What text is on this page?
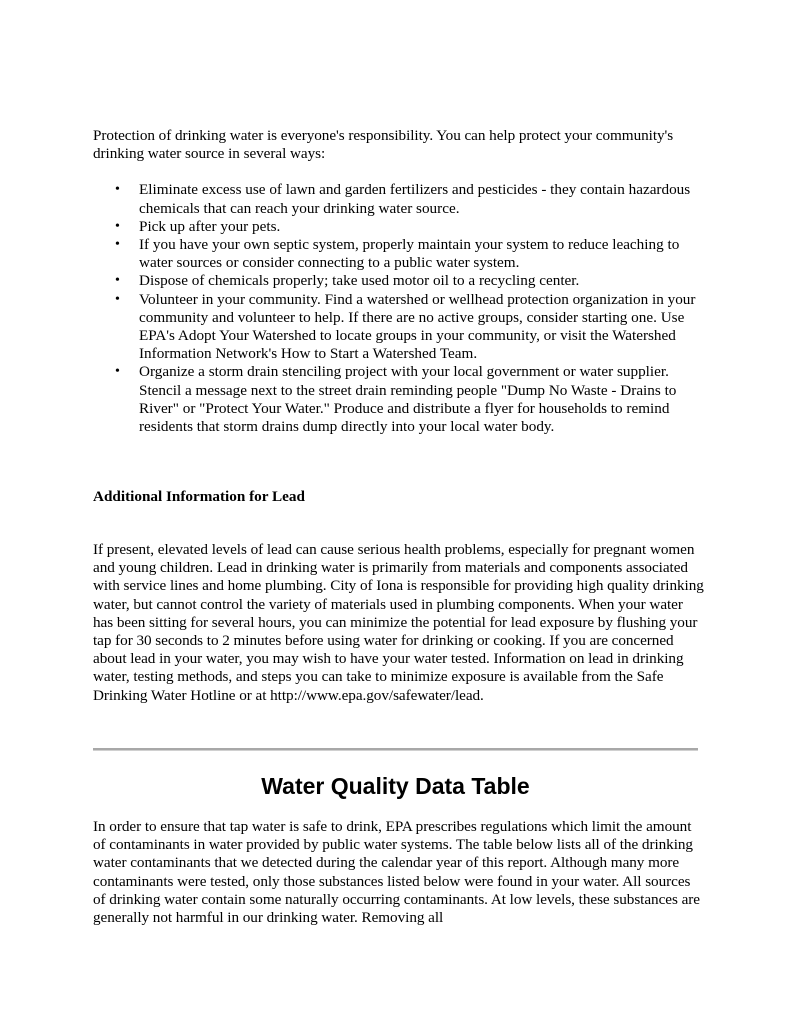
Protection of drinking water is everyone's responsibility. You can help protect your community's drinking water source in several ways:

• Eliminate excess use of lawn and garden fertilizers and pesticides - they contain hazardous chemicals that can reach your drinking water source.
• Pick up after your pets.
• If you have your own septic system, properly maintain your system to reduce leaching to water sources or consider connecting to a public water system.
• Dispose of chemicals properly; take used motor oil to a recycling center.
• Volunteer in your community. Find a watershed or wellhead protection organization in your community and volunteer to help. If there are no active groups, consider starting one. Use EPA's Adopt Your Watershed to locate groups in your community, or visit the Watershed Information Network's How to Start a Watershed Team.
• Organize a storm drain stenciling project with your local government or water supplier. Stencil a message next to the street drain reminding people "Dump No Waste - Drains to River" or "Protect Your Water." Produce and distribute a flyer for households to remind residents that storm drains dump directly into your local water body.
Additional Information for Lead

If present, elevated levels of lead can cause serious health problems, especially for pregnant women and young children. Lead in drinking water is primarily from materials and components associated with service lines and home plumbing. City of Iona is responsible for providing high quality drinking water, but cannot control the variety of materials used in plumbing components. When your water has been sitting for several hours, you can minimize the potential for lead exposure by flushing your tap for 30 seconds to 2 minutes before using water for drinking or cooking. If you are concerned about lead in your water, you may wish to have your water tested. Information on lead in drinking water, testing methods, and steps you can take to minimize exposure is available from the Safe Drinking Water Hotline or at http://www.epa.gov/safewater/lead.

Water Quality Data Table

In order to ensure that tap water is safe to drink, EPA prescribes regulations which limit the amount of contaminants in water provided by public water systems. The table below lists all of the drinking water contaminants that we detected during the calendar year of this report. Although many more contaminants were tested, only those substances listed below were found in your water. All sources of drinking water contain some naturally occurring contaminants. At low levels, these substances are generally not harmful in our drinking water. Removing all
